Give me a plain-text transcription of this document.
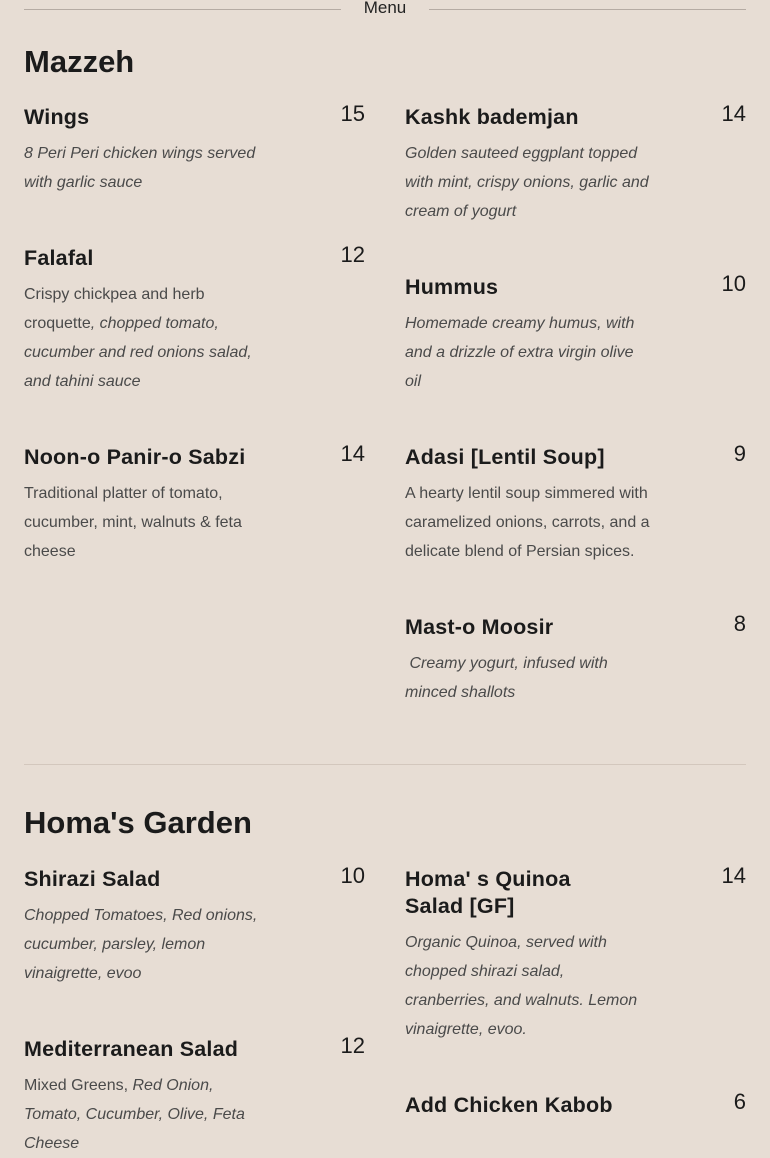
Menu
Mazzeh
Wings	15
8 Peri Peri chicken wings served with garlic sauce
Kashk bademjan	14
Golden sauteed eggplant topped with mint, crispy onions, garlic and cream of yogurt
Falafal	12
Crispy chickpea and herb croquette, chopped tomato, cucumber and red onions salad, and tahini sauce
Hummus	10
Homemade creamy humus, with and a drizzle of extra virgin olive oil
Noon-o Panir-o Sabzi	14
Traditional platter of tomato, cucumber, mint, walnuts & feta cheese
Adasi [Lentil Soup]	9
A hearty lentil soup simmered with caramelized onions, carrots, and a delicate blend of Persian spices.
Mast-o Moosir	8
Creamy yogurt, infused with minced shallots
Homa's Garden
Shirazi Salad	10
Chopped Tomatoes, Red onions, cucumber, parsley, lemon vinaigrette, evoo
Homa' s Quinoa Salad [GF]
14
Organic Quinoa, served with chopped shirazi salad, cranberries, and walnuts. Lemon vinaigrette, evoo.
Mediterranean Salad	12
Mixed Greens, Red Onion, Tomato, Cucumber, Olive, Feta Cheese
Add Chicken Kabob	6
